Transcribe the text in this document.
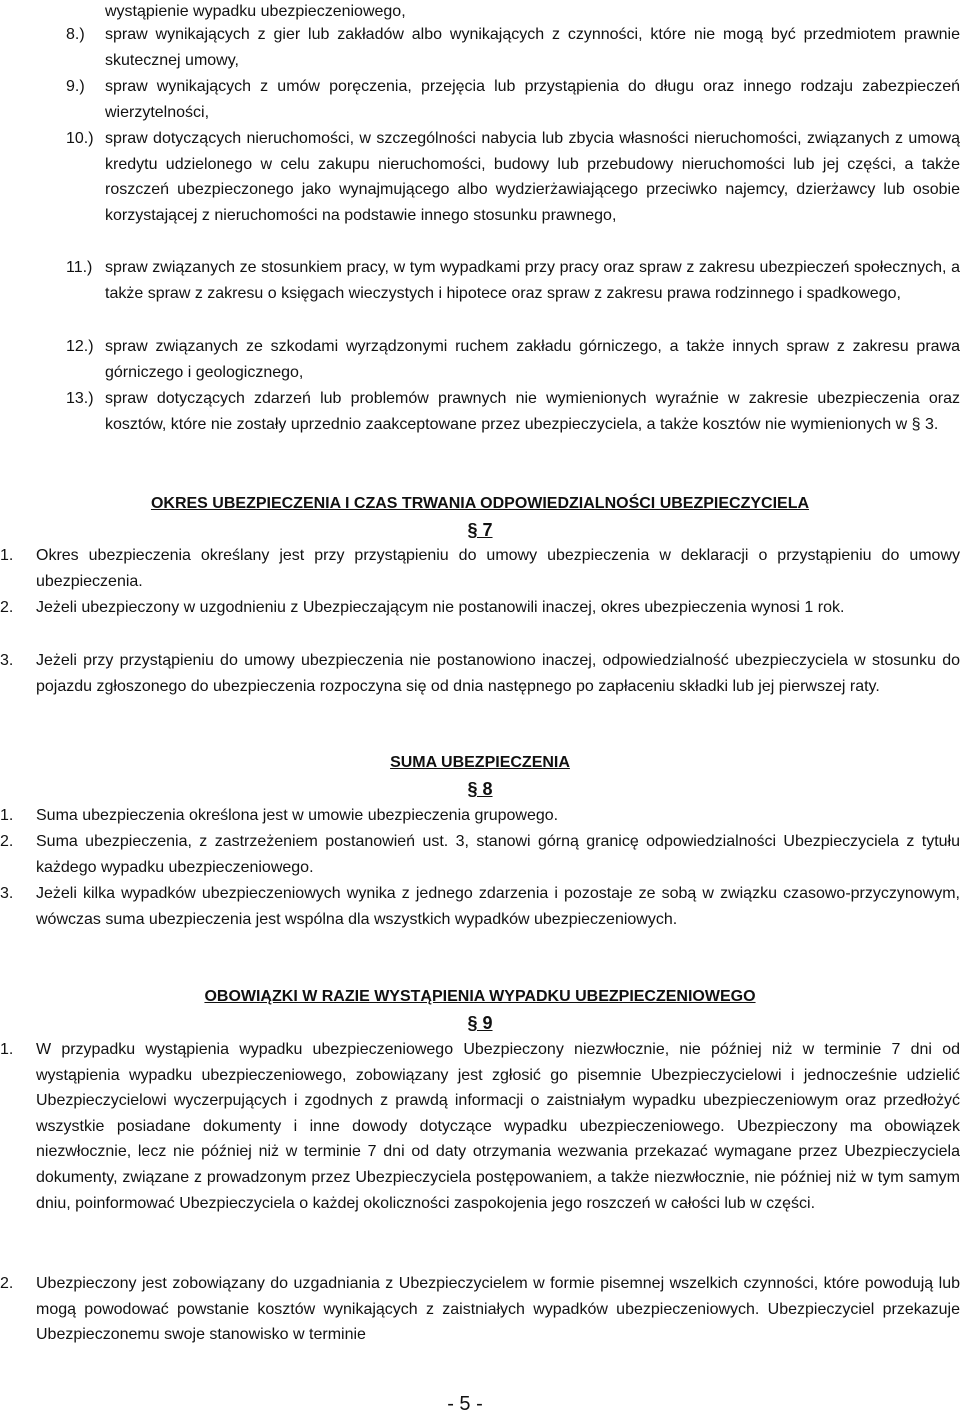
wystąpienie wypadku ubezpieczeniowego,
8.) spraw wynikających z gier lub zakładów albo wynikających z czynności, które nie mogą być przedmiotem prawnie skutecznej umowy,
9.) spraw wynikających z umów poręczenia, przejęcia lub przystąpienia do długu oraz innego rodzaju zabezpieczeń wierzytelności,
10.) spraw dotyczących nieruchomości, w szczególności nabycia lub zbycia własności nieruchomości, związanych z umową kredytu udzielonego w celu zakupu nieruchomości, budowy lub przebudowy nieruchomości lub jej części, a także roszczeń ubezpieczonego jako wynajmującego albo wydzierżawiającego przeciwko najemcy, dzierżawcy lub osobie korzystającej z nieruchomości na podstawie innego stosunku prawnego,
11.) spraw związanych ze stosunkiem pracy, w tym wypadkami przy pracy oraz spraw z zakresu ubezpieczeń społecznych, a także spraw z zakresu o księgach wieczystych i hipotece oraz spraw z zakresu prawa rodzinnego i spadkowego,
12.) spraw związanych ze szkodami wyrządzonymi ruchem zakładu górniczego, a także innych spraw z zakresu prawa górniczego i geologicznego,
13.) spraw dotyczących zdarzeń lub problemów prawnych nie wymienionych wyraźnie w zakresie ubezpieczenia oraz kosztów, które nie zostały uprzednio zaakceptowane przez ubezpieczyciela, a także kosztów nie wymienionych w § 3.
OKRES UBEZPIECZENIA I CZAS TRWANIA ODPOWIEDZIALNOŚCI UBEZPIECZYCIELA
§ 7
1. Okres ubezpieczenia określany jest przy przystąpieniu do umowy ubezpieczenia w deklaracji o przystąpieniu do umowy ubezpieczenia.
2. Jeżeli ubezpieczony w uzgodnieniu z Ubezpieczającym nie postanowili inaczej, okres ubezpieczenia wynosi 1 rok.
3. Jeżeli przy przystąpieniu do umowy ubezpieczenia nie postanowiono inaczej, odpowiedzialność ubezpieczyciela w stosunku do pojazdu zgłoszonego do ubezpieczenia rozpoczyna się od dnia następnego po zapłaceniu składki lub jej pierwszej raty.
SUMA UBEZPIECZENIA
§ 8
1. Suma ubezpieczenia określona jest w umowie ubezpieczenia grupowego.
2. Suma ubezpieczenia, z zastrzeżeniem postanowień ust. 3, stanowi górną granicę odpowiedzialności Ubezpieczyciela z tytułu każdego wypadku ubezpieczeniowego.
3. Jeżeli kilka wypadków ubezpieczeniowych wynika z jednego zdarzenia i pozostaje ze sobą w związku czasowo-przyczynowym, wówczas suma ubezpieczenia jest wspólna dla wszystkich wypadków ubezpieczeniowych.
OBOWIĄZKI W RAZIE WYSTĄPIENIA WYPADKU UBEZPIECZENIOWEGO
§ 9
1. W przypadku wystąpienia wypadku ubezpieczeniowego Ubezpieczony niezwłocznie, nie później niż w terminie 7 dni od wystąpienia wypadku ubezpieczeniowego, zobowiązany jest zgłosić go pisemnie Ubezpieczycielowi i jednocześnie udzielić Ubezpieczycielowi wyczerpujących i zgodnych z prawdą informacji o zaistniałym wypadku ubezpieczeniowym oraz przedłożyć wszystkie posiadane dokumenty i inne dowody dotyczące wypadku ubezpieczeniowego. Ubezpieczony ma obowiązek niezwłocznie, lecz nie później niż w terminie 7 dni od daty otrzymania wezwania przekazać wymagane przez Ubezpieczyciela dokumenty, związane z prowadzonym przez Ubezpieczyciela postępowaniem, a także niezwłocznie, nie później niż w tym samym dniu, poinformować Ubezpieczyciela o każdej okoliczności zaspokojenia jego roszczeń w całości lub w części.
2. Ubezpieczony jest zobowiązany do uzgadniania z Ubezpieczycielem w formie pisemnej wszelkich czynności, które powodują lub mogą powodować powstanie kosztów wynikających z zaistniałych wypadków ubezpieczeniowych. Ubezpieczyciel przekazuje Ubezpieczonemu swoje stanowisko w terminie
- 5 -
